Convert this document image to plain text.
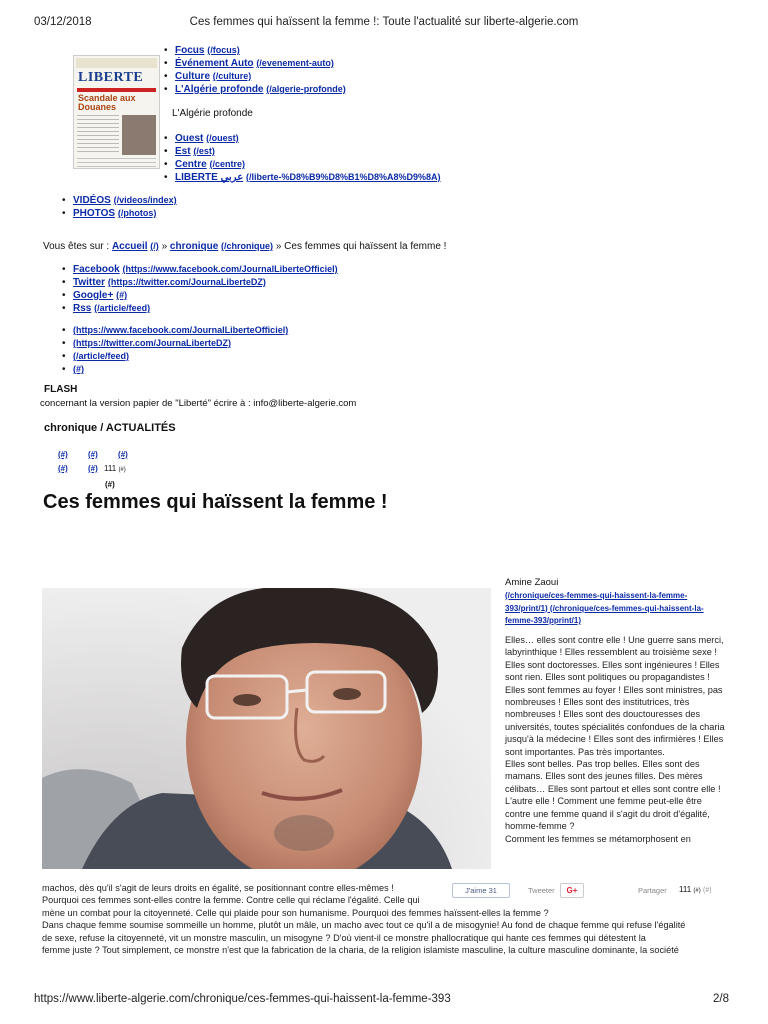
03/12/2018	Ces femmes qui haïssent la femme !: Toute l'actualité sur liberte-algerie.com
LIBERTE
Scandale aux Douanes
• Focus (/focus)
• Événement Auto (/evenement-auto)
• Culture (/culture)
• L'Algérie profonde (/algerie-profonde)
L'Algérie profonde
• Ouest (/ouest)
• Est (/est)
• Centre (/centre)
• LIBERTE عربي (/liberte-%D8%B9%D8%B1%D8%A8%D9%8A)
• VIDÉOS (/videos/index)
• PHOTOS (/photos)
Vous êtes sur : Accueil (/) » chronique (/chronique) » Ces femmes qui haïssent la femme !
• Facebook (https://www.facebook.com/JournalLiberteOfficiel)
• Twitter (https://twitter.com/JournaLiberteDZ)
• Google+ (#)
• Rss (/article/feed)
• (https://www.facebook.com/JournalLiberteOfficiel)
• (https://twitter.com/JournaLiberteDZ)
• (/article/feed)
• (#)
FLASH
concernant la version papier de "Liberté" écrire à : info@liberte-algerie.com
chronique / ACTUALITÉS
(#)	(#)	(#)
(#)	(#) 111 (#)
(#)
Ces femmes qui haïssent la femme !
Amine Zaoui
(/chronique/ces-femmes-qui-haissent-la-femme-393/print/1) (/chronique/ces-femmes-qui-haissent-la-femme-393/pprint/1)
Elles… elles sont contre elle ! Une guerre sans merci, labyrinthique ! Elles ressemblent au troisième sexe ! Elles sont doctoresses. Elles sont ingénieures ! Elles sont rien. Elles sont politiques ou propagandistes ! Elles sont femmes au foyer ! Elles sont ministres, pas nombreuses ! Elles sont des institutrices, très nombreuses ! Elles sont des douctouresses des universités, toutes spécialités confondues de la charia jusqu'à la médecine ! Elles sont des infirmières ! Elles sont importantes. Pas très importantes.
Elles sont belles. Pas trop belles. Elles sont des mamans. Elles sont des jeunes filles. Des mères célibats… Elles sont partout et elles sont contre elle ! L'autre elle ! Comment une femme peut-elle être contre une femme quand il s'agit du droit d'égalité, homme-femme ?
Comment les femmes se métamorphosent en
machos, dès qu'il s'agit de leurs droits en égalité, se positionnant contre elles-mêmes !
Pourquoi ces femmes sont-elles contre la femme. Contre celle qui réclame l'égalité. Celle qui
mène un combat pour la citoyenneté. Celle qui plaide pour son humanisme. Pourquoi des femmes haïssent-elles la femme ?
Dans chaque femme soumise sommeille un homme, plutôt un mâle, un macho avec tout ce qu'il a de misogynie! Au fond de chaque femme qui refuse l'égalité
de sexe, refuse la citoyenneté, vit un monstre masculin, un misogyne ? D'où vient-il ce monstre phallocratique qui hante ces femmes qui détestent la
femme juste ? Tout simplement, ce monstre n'est que la fabrication de la charia, de la religion islamiste masculine, la culture masculine dominante, la société
J'aime 31	Tweeter	G+	Partager 111 (#) (#)
https://www.liberte-algerie.com/chronique/ces-femmes-qui-haissent-la-femme-393	2/8
